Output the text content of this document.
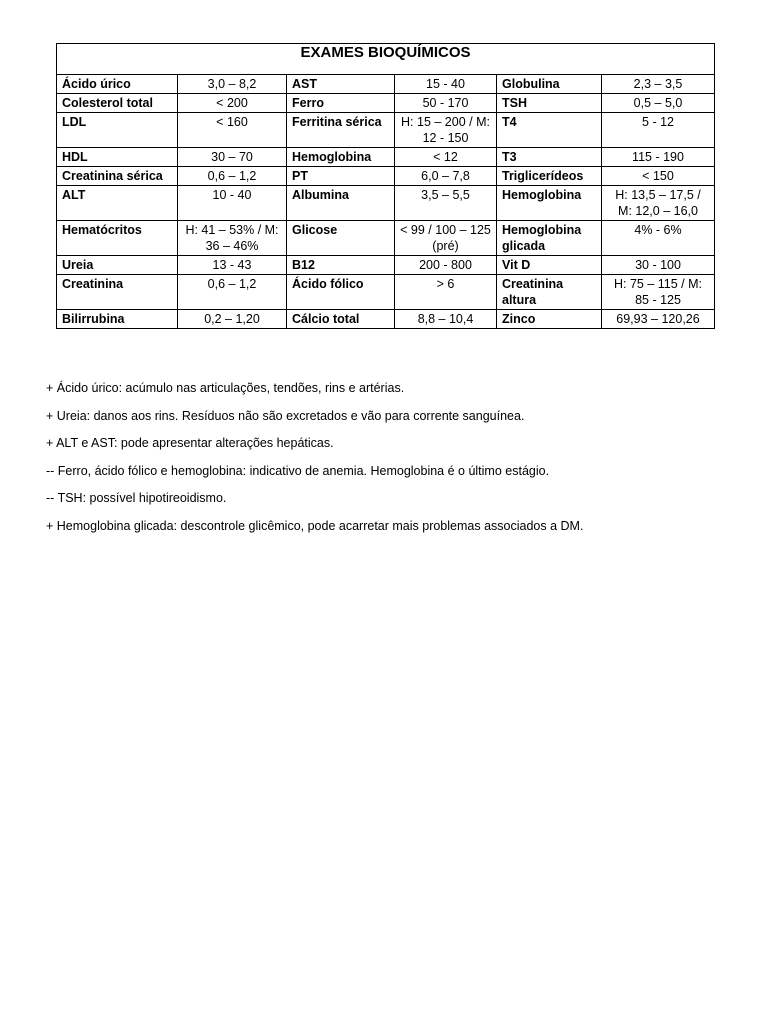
EXAMES BIOQUÍMICOS					
Ácido úrico	3,0 – 8,2	AST	15 - 40	Globulina	2,3 – 3,5
Colesterol total	< 200	Ferro	50 - 170	TSH	0,5 – 5,0
LDL	< 160	Ferritina sérica	H: 15 – 200 / M: 12 - 150	T4	5 - 12
HDL	30 – 70	Hemoglobina	< 12	T3	115 - 190
Creatinina sérica	0,6 – 1,2	PT	6,0 – 7,8	Triglicerídeos	< 150
ALT	10 - 40	Albumina	3,5 – 5,5	Hemoglobina	H: 13,5 – 17,5 / M: 12,0 – 16,0
Hematócritos	H: 41 – 53% / M: 36 – 46%	Glicose	< 99 / 100 – 125 (pré)	Hemoglobina glicada	4% - 6%
Ureia	13 - 43	B12	200 - 800	Vit D	30 - 100
Creatinina	0,6 – 1,2	Ácido fólico	> 6	Creatinina altura	H: 75 – 115 / M: 85 - 125
Bilirrubina	0,2 – 1,20	Cálcio total	8,8 – 10,4	Zinco	69,93 – 120,26
+ Ácido úrico: acúmulo nas articulações, tendões, rins e artérias.
+ Ureia: danos aos rins. Resíduos não são excretados e vão para corrente sanguínea.
+ ALT e AST: pode apresentar alterações hepáticas.
-- Ferro, ácido fólico e hemoglobina: indicativo de anemia. Hemoglobina é o último estágio.
-- TSH: possível hipotireoidismo.
+ Hemoglobina glicada: descontrole glicêmico, pode acarretar mais problemas associados a DM.
